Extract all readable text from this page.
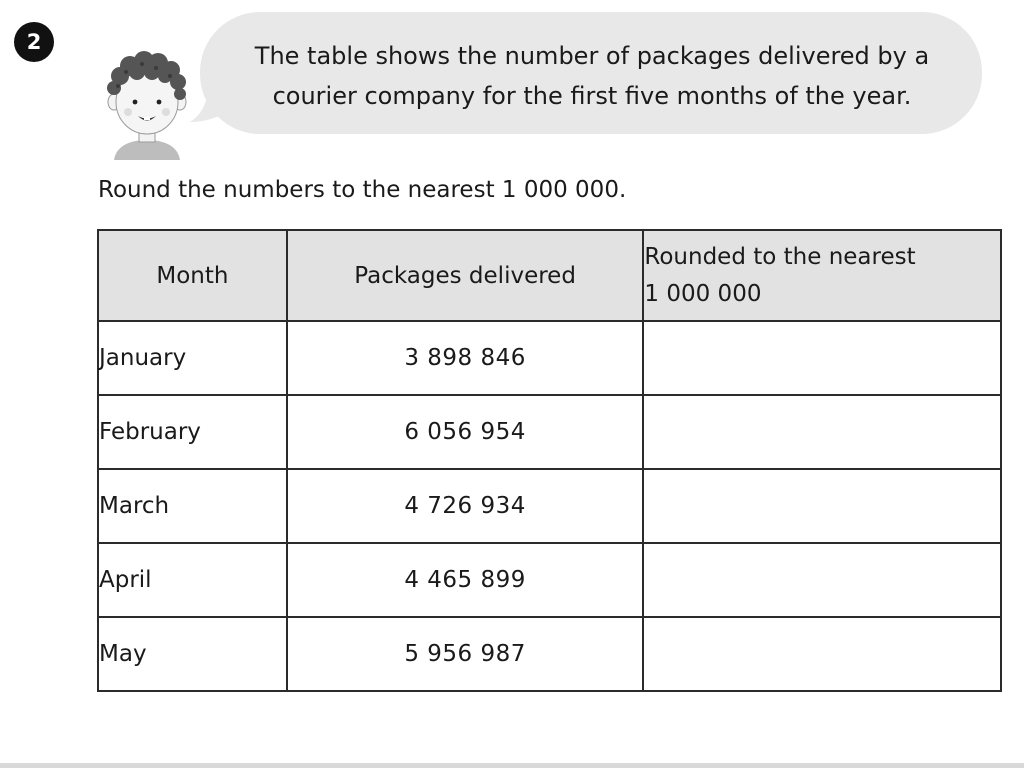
2	The table shows the number of packages delivered by a
courier company for the first five months of the year.
Round the numbers to the nearest 1 000 000.
Month	Packages delivered	Rounded to the nearest
1 000 000

January	3 898 846	
February	6 056 954	
March	4 726 934	
April	4 465 899	
May	5 956 987	
